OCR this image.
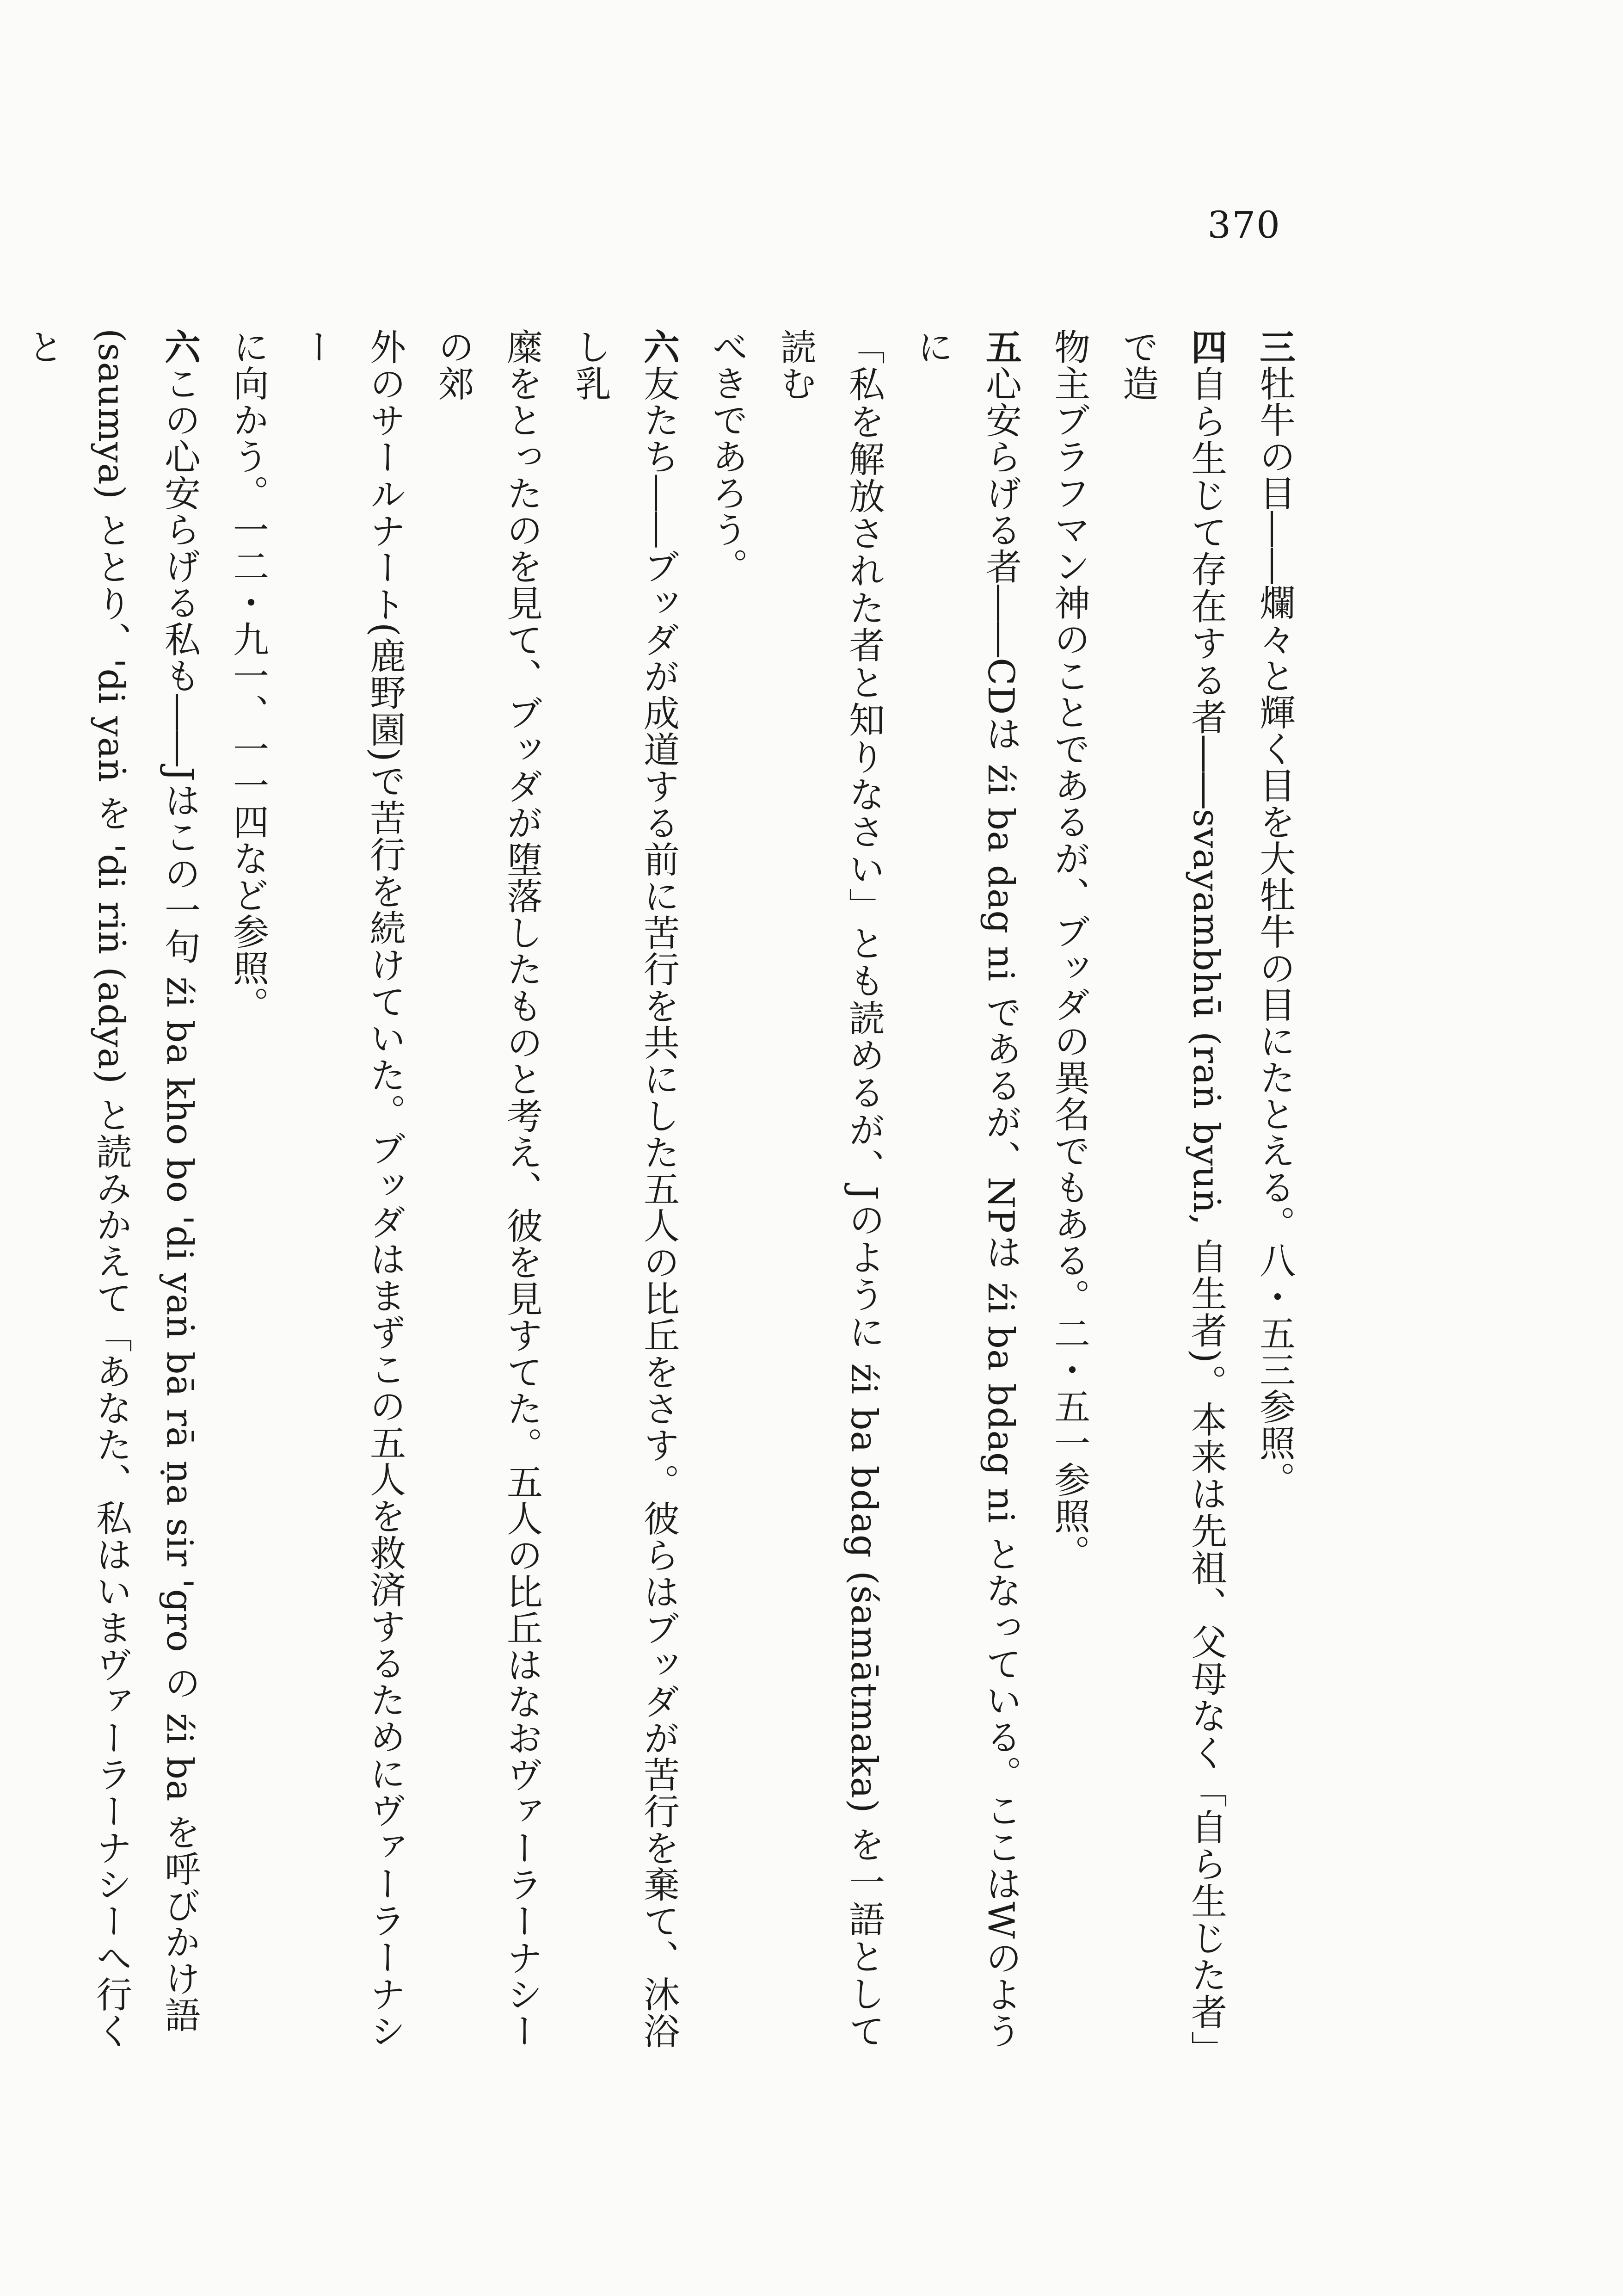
370
三牡牛の目――爛々と輝く目を大牡牛の目にたとえる。八・五三参照。
四自ら生じて存在する者――svayambhū (raṅ byuṅ, 自生者)。本来は先祖、父母なく「自ら生じた者」で造
物主ブラフマン神のことであるが、ブッダの異名でもある。二・五一参照。
五心安らげる者――CDは źi ba dag ni であるが、NPは źi ba bdag ni となっている。ここはWのように
「私を解放された者と知りなさい」とも読めるが、Jのように źi ba bdag (śamātmaka) を一語として読む
べきであろう。
六友たち――ブッダが成道する前に苦行を共にした五人の比丘をさす。彼らはブッダが苦行を棄て、沐浴し乳
糜をとったのを見て、ブッダが堕落したものと考え、彼を見すてた。五人の比丘はなおヴァーラーナシーの郊
外のサールナート(鹿野園)で苦行を続けていた。ブッダはまずこの五人を救済するためにヴァーラーナシー
に向かう。一二・九一、一一四など参照。
六この心安らげる私も――Jはこの一句 źi ba kho bo 'di yaṅ bā rā ṇa sir 'gro の źi ba を呼びかけ語
(saumya) ととり、'di yaṅ を 'di riṅ (adya) と読みかえて「あなた、私はいまヴァーラーナシーへ行くと
